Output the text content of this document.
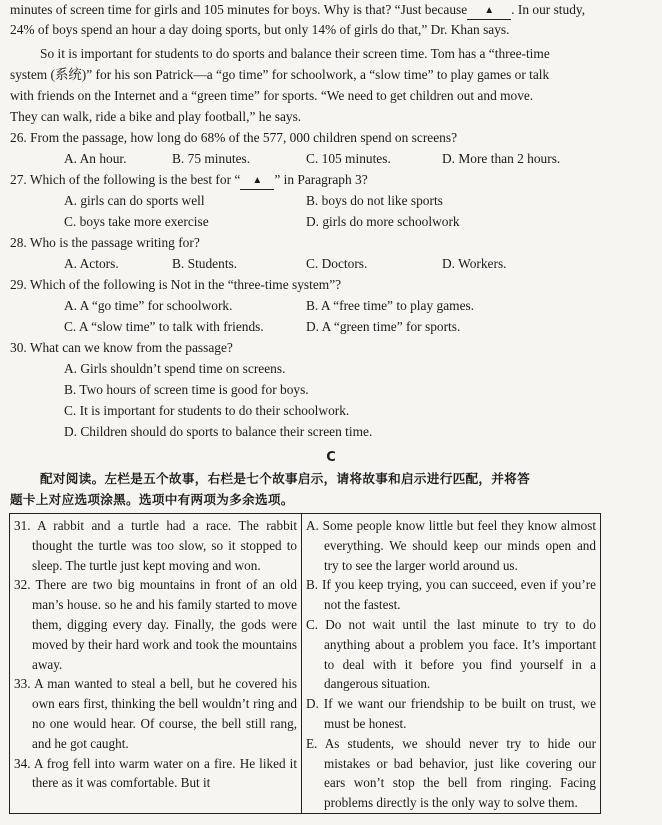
minutes of screen time for girls and 105 minutes for boys. Why is that? “Just because ▲ . In our study,
24% of boys spend an hour a day doing sports, but only 14% of girls do that,” Dr. Khan says.
So it is important for students to do sports and balance their screen time. Tom has a “three-time
system (系统)” for his son Patrick—a “go time” for schoolwork, a “slow time” to play games or talk
with friends on the Internet and a “green time” for sports. “We need to get children out and move.
They can walk, ride a bike and play football,” he says.
26. From the passage, how long do 68% of the 577, 000 children spend on screens?
A. An hour.	B. 75 minutes.	C. 105 minutes.	D. More than 2 hours.
27. Which of the following is the best for “ ▲ ” in Paragraph 3?
A. girls can do sports well	B. boys do not like sports
C. boys take more exercise	D. girls do more schoolwork
28. Who is the passage writing for?
A. Actors.	B. Students.	C. Doctors.	D. Workers.
29. Which of the following is Not in the “three-time system”?
A. A “go time” for schoolwork.	B. A “free time” to play games.
C. A “slow time” to talk with friends.	D. A “green time” for sports.
30. What can we know from the passage?
A. Girls shouldn’t spend time on screens.
B. Two hours of screen time is good for boys.
C. It is important for students to do their schoolwork.
D. Children should do sports to balance their screen time.
C
配对阅读。左栏是五个故事，右栏是七个故事启示，请将故事和启示进行匹配，并将答
题卡上对应选项涂黑。选项中有两项为多余选项。
31. A rabbit and a turtle had a race. The rabbit thought the turtle was too slow, so it stopped to sleep. The turtle just kept moving and won.
32. There are two big mountains in front of an old man’s house. so he and his family started to move them, digging every day. Finally, the gods were moved by their hard work and took the mountains away.
33. A man wanted to steal a bell, but he covered his own ears first, thinking the bell wouldn’t ring and no one would hear. Of course, the bell still rang, and he got caught.
34. A frog fell into warm water on a fire. He liked it there as it was comfortable. But it

A. Some people know little but feel they know almost everything. We should keep our minds open and try to see the larger world around us.
B. If you keep trying, you can succeed, even if you’re not the fastest.
C. Do not wait until the last minute to try to do anything about a problem you face. It’s important to deal with it before you find yourself in a dangerous situation.
D. If we want our friendship to be built on trust, we must be honest.
E. As students, we should never try to hide our mistakes or bad behavior, just like covering our ears won’t stop the bell from ringing. Facing problems directly is the only way to solve them.
